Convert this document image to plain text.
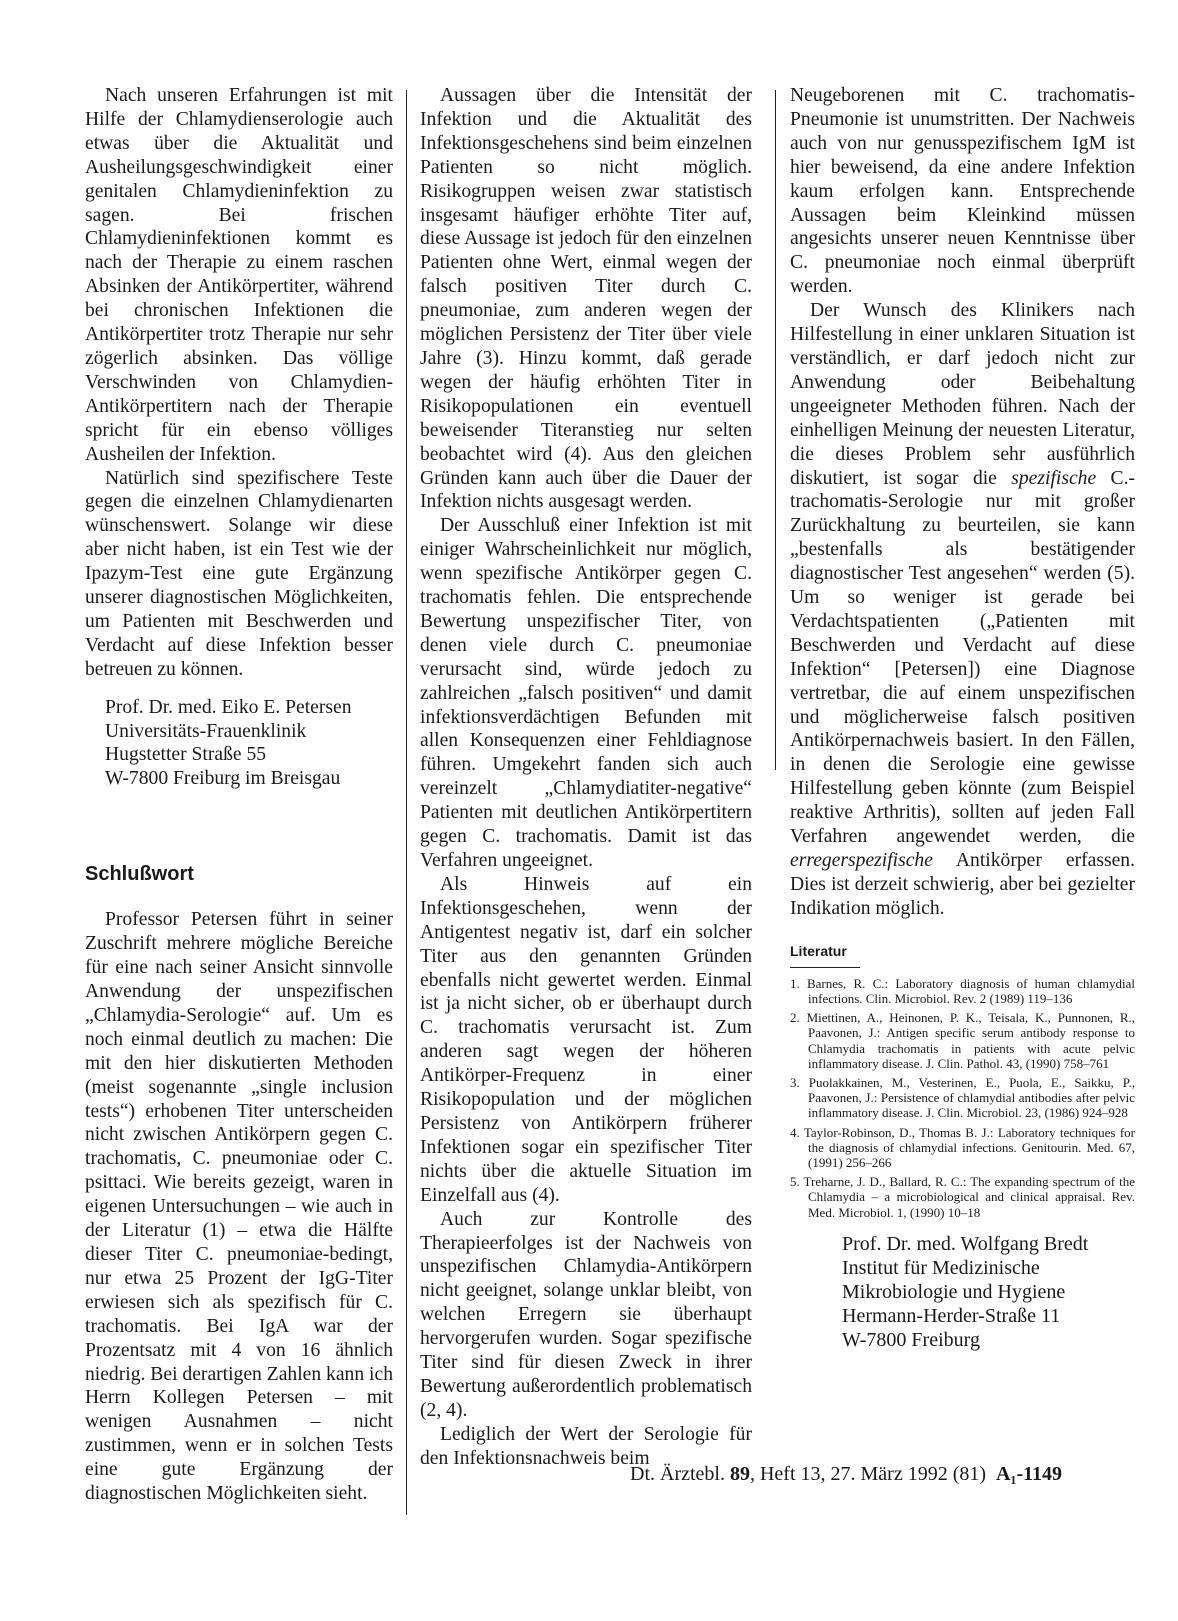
Nach unseren Erfahrungen ist mit Hilfe der Chlamydienserologie auch etwas über die Aktualität und Ausheilungsgeschwindigkeit einer genitalen Chlamydieninfektion zu sagen. Bei frischen Chlamydieninfektionen kommt es nach der Therapie zu einem raschen Absinken der Antikörpertiter, während bei chronischen Infektionen die Antikörpertiter trotz Therapie nur sehr zögerlich absinken. Das völlige Verschwinden von Chlamydien-Antikörpertitern nach der Therapie spricht für ein ebenso völliges Ausheilen der Infektion.

Natürlich sind spezifischere Teste gegen die einzelnen Chlamydienarten wünschenswert. Solange wir diese aber nicht haben, ist ein Test wie der Ipazym-Test eine gute Ergänzung unserer diagnostischen Möglichkeiten, um Patienten mit Beschwerden und Verdacht auf diese Infektion besser betreuen zu können.

Prof. Dr. med. Eiko E. Petersen
Universitäts-Frauenklinik
Hugstetter Straße 55
W-7800 Freiburg im Breisgau
Schlußwort

Professor Petersen führt in seiner Zuschrift mehrere mögliche Bereiche für eine nach seiner Ansicht sinnvolle Anwendung der unspezifischen „Chlamydia-Serologie“ auf. Um es noch einmal deutlich zu machen: Die mit den hier diskutierten Methoden (meist sogenannte „single inclusion tests“) erhobenen Titer unterscheiden nicht zwischen Antikörpern gegen C. trachomatis, C. pneumoniae oder C. psittaci. Wie bereits gezeigt, waren in eigenen Untersuchungen – wie auch in der Literatur (1) – etwa die Hälfte dieser Titer C. pneumoniae-bedingt, nur etwa 25 Prozent der IgG-Titer erwiesen sich als spezifisch für C. trachomatis. Bei IgA war der Prozentsatz mit 4 von 16 ähnlich niedrig. Bei derartigen Zahlen kann ich Herrn Kollegen Petersen – mit wenigen Ausnahmen – nicht zustimmen, wenn er in solchen Tests eine gute Ergänzung der diagnostischen Möglichkeiten sieht.

Aussagen über die Intensität der Infektion und die Aktualität des Infektionsgeschehens sind beim einzelnen Patienten so nicht möglich. Risikogruppen weisen zwar statistisch insgesamt häufiger erhöhte Titer auf, diese Aussage ist jedoch für den einzelnen Patienten ohne Wert, einmal wegen der falsch positiven Titer durch C. pneumoniae, zum anderen wegen der möglichen Persistenz der Titer über viele Jahre (3). Hinzu kommt, daß gerade wegen der häufig erhöhten Titer in Risikopopulationen ein eventuell beweisender Titeranstieg nur selten beobachtet wird (4). Aus den gleichen Gründen kann auch über die Dauer der Infektion nichts ausgesagt werden.

Der Ausschluß einer Infektion ist mit einiger Wahrscheinlichkeit nur möglich, wenn spezifische Antikörper gegen C. trachomatis fehlen. Die entsprechende Bewertung unspezifischer Titer, von denen viele durch C. pneumoniae verursacht sind, würde jedoch zu zahlreichen „falsch positiven“ und damit infektionsverdächtigen Befunden mit allen Konsequenzen einer Fehldiagnose führen. Umgekehrt fanden sich auch vereinzelt „Chlamydiatiter-negative“ Patienten mit deutlichen Antikörpertitern gegen C. trachomatis. Damit ist das Verfahren ungeeignet.

Als Hinweis auf ein Infektionsgeschehen, wenn der Antigentest negativ ist, darf ein solcher Titer aus den genannten Gründen ebenfalls nicht gewertet werden. Einmal ist ja nicht sicher, ob er überhaupt durch C. trachomatis verursacht ist. Zum anderen sagt wegen der höheren Antikörper-Frequenz in einer Risikopopulation und der möglichen Persistenz von Antikörpern früherer Infektionen sogar ein spezifischer Titer nichts über die aktuelle Situation im Einzelfall aus (4).

Auch zur Kontrolle des Therapieerfolges ist der Nachweis von unspezifischen Chlamydia-Antikörpern nicht geeignet, solange unklar bleibt, von welchen Erregern sie überhaupt hervorgerufen wurden. Sogar spezifische Titer sind für diesen Zweck in ihrer Bewertung außerordentlich problematisch (2, 4).

Lediglich der Wert der Serologie für den Infektionsnachweis beim

Neugeborenen mit C. trachomatis-Pneumonie ist unumstritten. Der Nachweis auch von nur genusspezifischem IgM ist hier beweisend, da eine andere Infektion kaum erfolgen kann. Entsprechende Aussagen beim Kleinkind müssen angesichts unserer neuen Kenntnisse über C. pneumoniae noch einmal überprüft werden.

Der Wunsch des Klinikers nach Hilfestellung in einer unklaren Situation ist verständlich, er darf jedoch nicht zur Anwendung oder Beibehaltung ungeeigneter Methoden führen. Nach der einhelligen Meinung der neuesten Literatur, die dieses Problem sehr ausführlich diskutiert, ist sogar die spezifische C.-trachomatis-Serologie nur mit großer Zurückhaltung zu beurteilen, sie kann „bestenfalls als bestätigender diagnostischer Test angesehen“ werden (5). Um so weniger ist gerade bei Verdachtspatienten („Patienten mit Beschwerden und Verdacht auf diese Infektion“ [Petersen]) eine Diagnose vertretbar, die auf einem unspezifischen und möglicherweise falsch positiven Antikörpernachweis basiert. In den Fällen, in denen die Serologie eine gewisse Hilfestellung geben könnte (zum Beispiel reaktive Arthritis), sollten auf jeden Fall Verfahren angewendet werden, die erregerspezifische Antikörper erfassen. Dies ist derzeit schwierig, aber bei gezielter Indikation möglich.

Literatur
1. Barnes, R. C.: Laboratory diagnosis of human chlamydial infections. Clin. Microbiol. Rev. 2 (1989) 119–136
2. Miettinen, A., Heinonen, P. K., Teisala, K., Punnonen, R., Paavonen, J.: Antigen specific serum antibody response to Chlamydia trachomatis in patients with acute pelvic inflammatory disease. J. Clin. Pathol. 43, (1990) 758–761
3. Puolakkainen, M., Vesterinen, E., Puola, E., Saikku, P., Paavonen, J.: Persistence of chlamydial antibodies after pelvic inflammatory disease. J. Clin. Microbiol. 23, (1986) 924–928
4. Taylor-Robinson, D., Thomas B. J.: Laboratory techniques for the diagnosis of chlamydial infections. Genitourin. Med. 67, (1991) 256–266
5. Treharne, J. D., Ballard, R. C.: The expanding spectrum of the Chlamydia – a microbiological and clinical appraisal. Rev. Med. Microbiol. 1, (1990) 10–18
Prof. Dr. med. Wolfgang Bredt
Institut für Medizinische
Mikrobiologie und Hygiene
Hermann-Herder-Straße 11
W-7800 Freiburg
Dt. Ärztebl. 89, Heft 13, 27. März 1992 (81) A₁-1149
